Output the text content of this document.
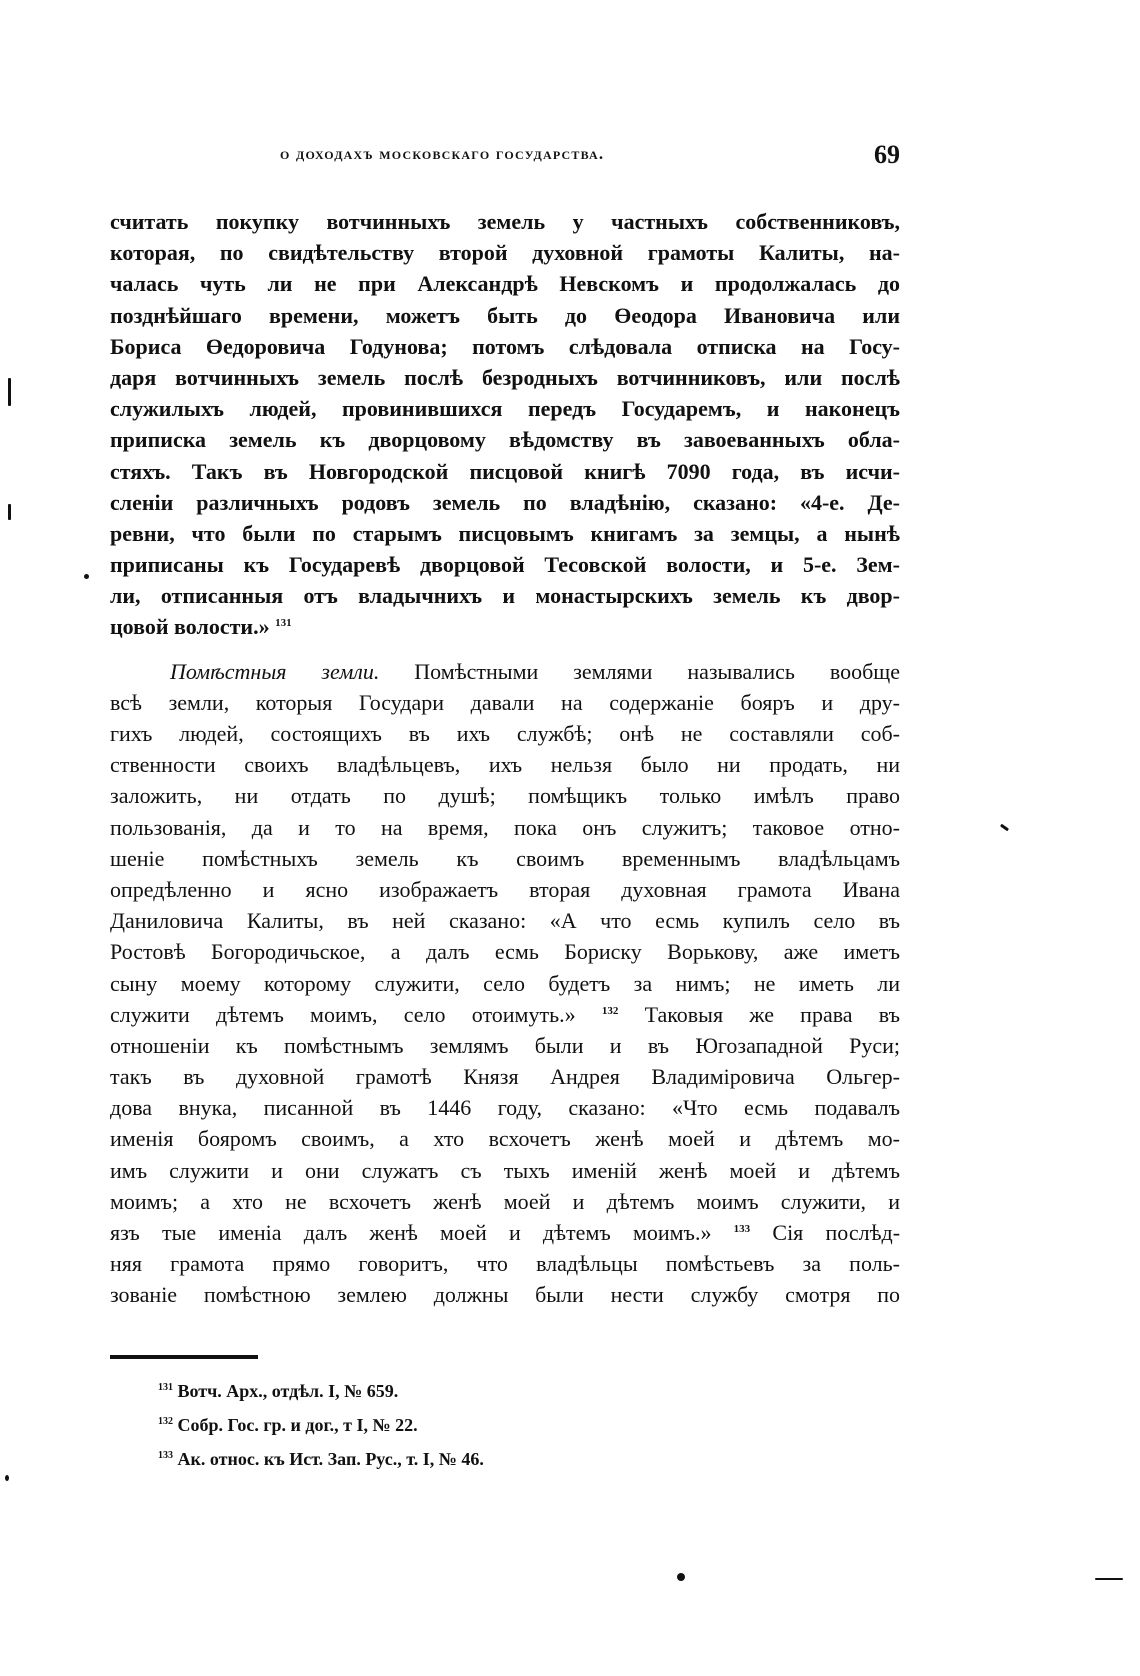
о доходахъ московскаго государства.	69
считать покупку вотчинныхъ земель у частныхъ собственниковъ,
которая, по свидѣтельству второй духовной грамоты Калиты, на-
чалась чуть ли не при Александрѣ Невскомъ и продолжалась до
позднѣйшаго времени, можетъ быть до Өеодора Ивановича или
Бориса Өедоровича Годунова; потомъ слѣдовала отписка на Госу-
даря вотчинныхъ земель послѣ безродныхъ вотчинниковъ, или послѣ
служилыхъ людей, провинившихся передъ Государемъ, и наконецъ
приписка земель къ дворцовому вѣдомству въ завоеванныхъ обла-
стяхъ. Такъ въ Новгородской писцовой книгѣ 7090 года, въ исчи-
сленіи различныхъ родовъ земель по владѣнію, сказано: «4-е. Де-
ревни, что были по старымъ писцовымъ книгамъ за земцы, а нынѣ
приписаны къ Государевѣ дворцовой Тесовской волости, и 5-е. Зем-
ли, отписанныя отъ владычнихъ и монастырскихъ земель къ двор-
цовой волости.» $^{131}$
Помѣстныя земли. Помѣстными землями назывались вообще
всѣ земли, которыя Государи давали на содержаніе бояръ и дру-
гихъ людей, состоящихъ въ ихъ службѣ; онѣ не составляли соб-
ственности своихъ владѣльцевъ, ихъ нельзя было ни продать, ни
заложить, ни отдать по душѣ; помѣщикъ только имѣлъ право
пользованія, да и то на время, пока онъ служитъ; таковое отно-
шеніе помѣстныхъ земель къ своимъ временнымъ владѣльцамъ
опредѣленно и ясно изображаетъ вторая духовная грамота Ивана
Даниловича Калиты, въ ней сказано: «А что есмь купилъ село въ
Ростовѣ Богородичьское, а далъ есмь Бориску Ворькову, аже иметъ
сыну моему которому служити, село будетъ за нимъ; не иметь ли
служити дѣтемъ моимъ, село отоимуть.» $^{132}$ Таковыя же права въ
отношеніи къ помѣстнымъ землямъ были и въ Югозападной Руси;
такъ въ духовной грамотѣ Князя Андрея Владиміровича Ольгер-
дова внука, писанной въ 1446 году, сказано: «Что есмь подавалъ
именія бояромъ своимъ, а хто всхочетъ женѣ моей и дѣтемъ мо-
имъ служити и они служатъ съ тыхъ именій женѣ моей и дѣтемъ
моимъ; а хто не всхочетъ женѣ моей и дѣтемъ моимъ служити, и
язъ тые именіа далъ женѣ моей и дѣтемъ моимъ.» $^{133}$ Сія послѣд-
няя грамота прямо говоритъ, что владѣльцы помѣстьевъ за поль-
зованіе помѣстною землею должны были нести службу смотря по
$^{131}$ Вотч. Арх., отдѣл. I, № 659.
$^{132}$ Собр. Гос. гр. и дог., т I, № 22.
$^{133}$ Ак. относ. къ Ист. Зап. Рус., т. I, № 46.
